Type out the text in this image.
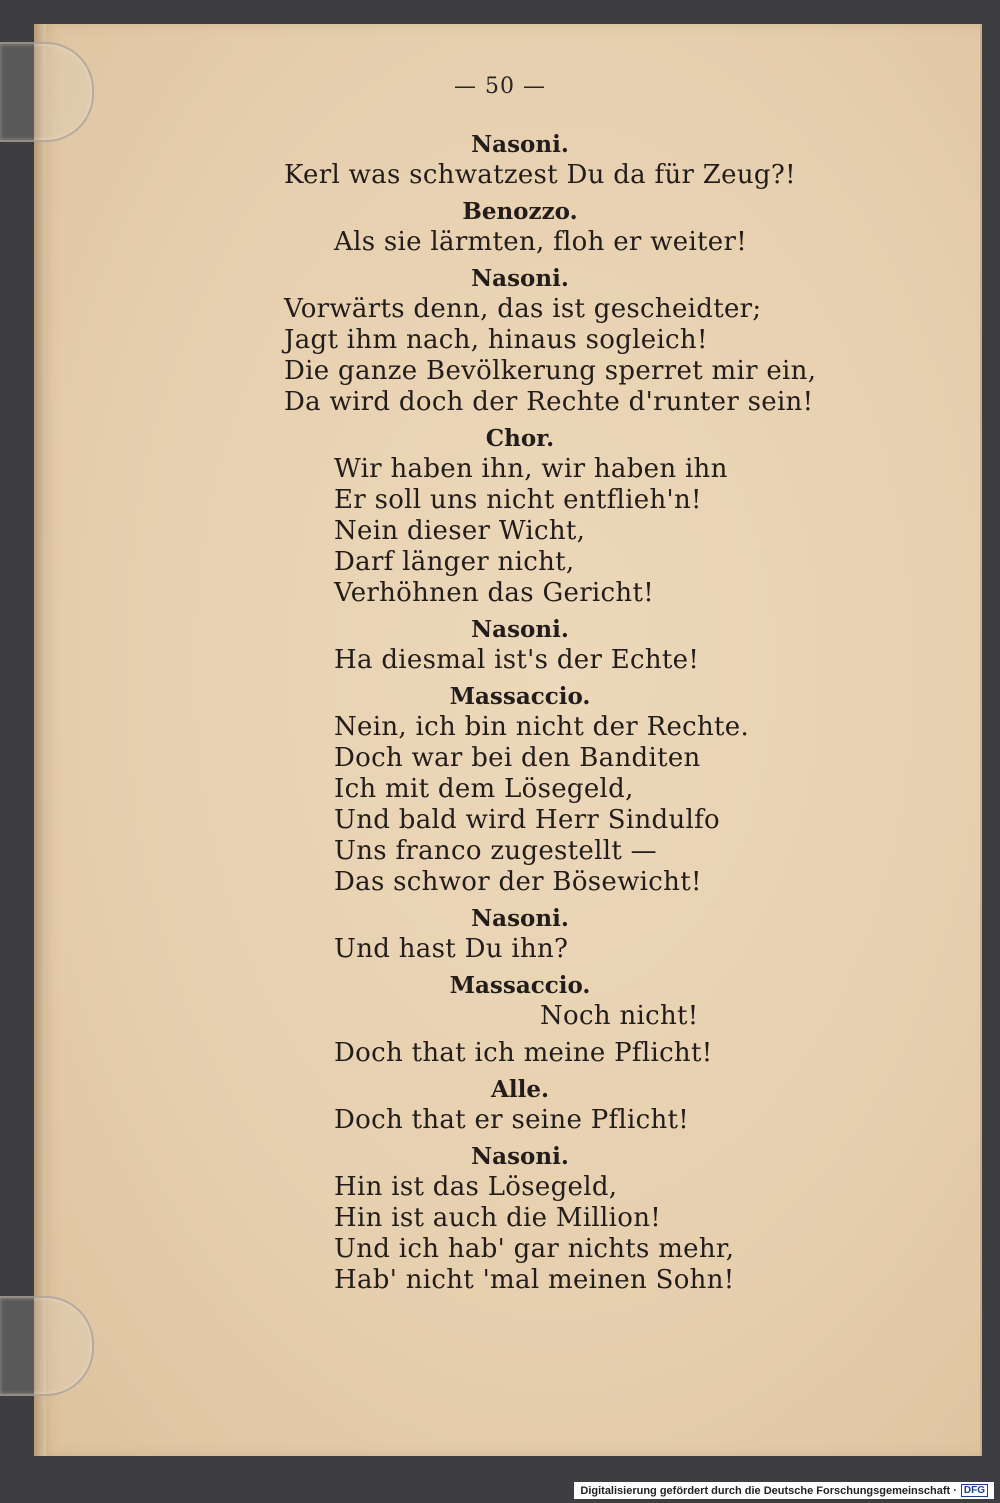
— 50 —
Nasoni.
Kerl was schwatzest Du da für Zeug?!
Benozzo.
Als sie lärmten, floh er weiter!
Nasoni.
Vorwärts denn, das ist gescheidter;
Jagt ihm nach, hinaus sogleich!
Die ganze Bevölkerung sperret mir ein,
Da wird doch der Rechte d'runter sein!
Chor.
Wir haben ihn, wir haben ihn
Er soll uns nicht entflieh'n!
Nein dieser Wicht,
Darf länger nicht,
Verhöhnen das Gericht!
Nasoni.
Ha diesmal ist's der Echte!
Massaccio.
Nein, ich bin nicht der Rechte.
Doch war bei den Banditen
Ich mit dem Lösegeld,
Und bald wird Herr Sindulfo
Uns franco zugestellt —
Das schwor der Bösewicht!
Nasoni.
Und hast Du ihn?
Massaccio.
Noch nicht!
Doch that ich meine Pflicht!
Alle.
Doch that er seine Pflicht!
Nasoni.
Hin ist das Lösegeld,
Hin ist auch die Million!
Und ich hab' gar nichts mehr,
Hab' nicht 'mal meinen Sohn!
Digitalisierung gefördert durch die Deutsche Forschungsgemeinschaft · DFG
